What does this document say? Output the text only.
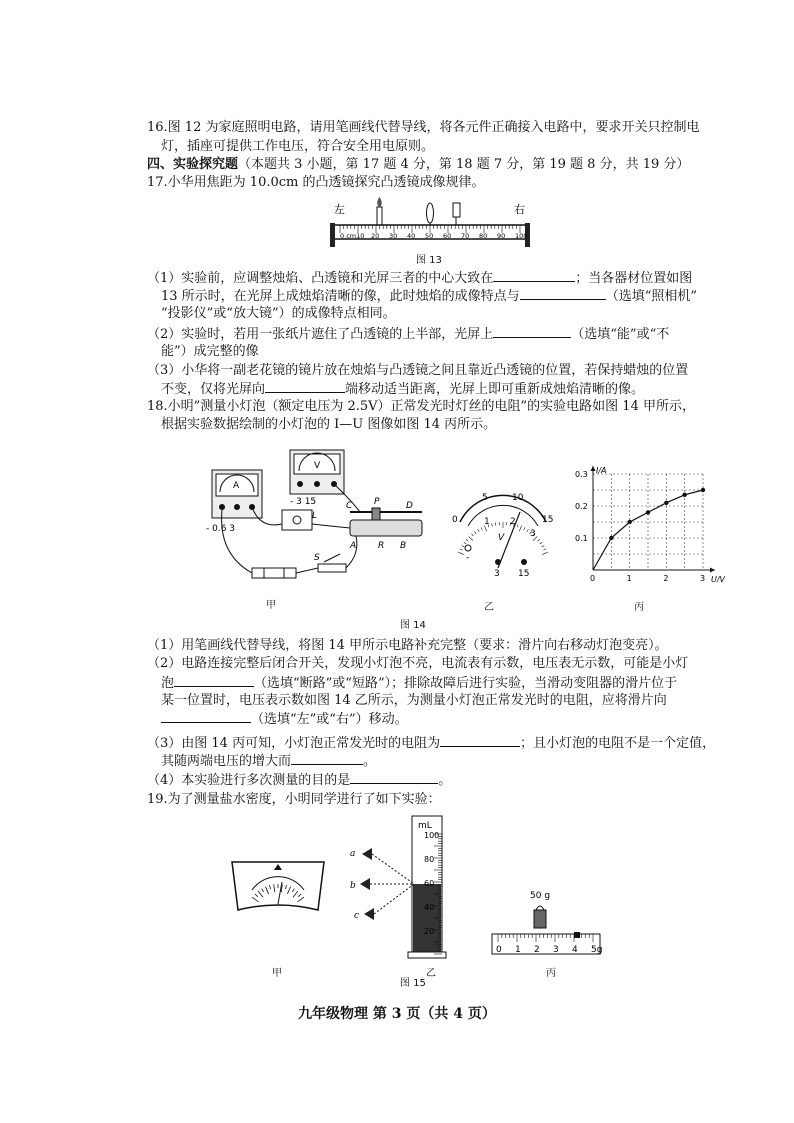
16.图 12 为家庭照明电路，请用笔画线代替导线，将各元件正确接入电路中，要求开关只控制电
灯，插座可提供工作电压，符合安全用电原则。
四、实验探究题（本题共 3 小题，第 17 题 4 分，第 18 题 7 分，第 19 题 8 分，共 19 分）
17.小华用焦距为 10.0cm 的凸透镜探究凸透镜成像规律。
左	右
0 cm10 20 30 40 50 60 70 80 90 100
图 13
（1）实验前，应调整烛焰、凸透镜和光屏三者的中心大致在	；当各器材位置如图
13 所示时，在光屏上成烛焰清晰的像，此时烛焰的成像特点与	（选填“照相机”
“投影仪”或“放大镜”）的成像特点相同。
（2）实验时，若用一张纸片遮住了凸透镜的上半部，光屏上	（选填“能”或“不
能”）成完整的像
（3）小华将一副老花镜的镜片放在烛焰与凸透镜之间且靠近凸透镜的位置，若保持蜡烛的位置
不变，仅将光屏向	端移动适当距离，光屏上即可重新成烛焰清晰的像。
18.小明”测量小灯泡（额定电压为 2.5V）正常发光时灯丝的电阻”的实验电路如图 14 甲所示，
根据实验数据绘制的小灯泡的 I—U 图像如图 14 丙所示。
A
- 0.6 3
V
- 3 15
L
C P	D
A R B
S
甲
5	10
0	15
1 2
3
V
-
3 15
乙
0	1	2	3
0.1
0.2
0.3 I/A
U/V
丙
图 14
（1）用笔画线代替导线，将图 14 甲所示电路补充完整（要求：滑片向右移动灯泡变亮）。
（2）电路连接完整后闭合开关，发现小灯泡不亮，电流表有示数，电压表无示数，可能是小灯
泡	（选填“断路”或“短路”）；排除故障后进行实验，当滑动变阻器的滑片位于
某一位置时，电压表示数如图 14 乙所示，为测量小灯泡正常发光时的电阻，应将滑片向
（选填“左”或“右”）移动。
（3）由图 14 丙可知，小灯泡正常发光时的电阻为	；且小灯泡的电阻不是一个定值，
其随两端电压的增大而	。
（4）本实验进行多次测量的目的是	。
19.为了测量盐水密度，小明同学进行了如下实验：
甲
mL
100
80
60
40
20
a
b
c
乙
图 15
50 g
0 1 2 3 4 5g
丙
九年级物理 第 3 页（共 4 页）
